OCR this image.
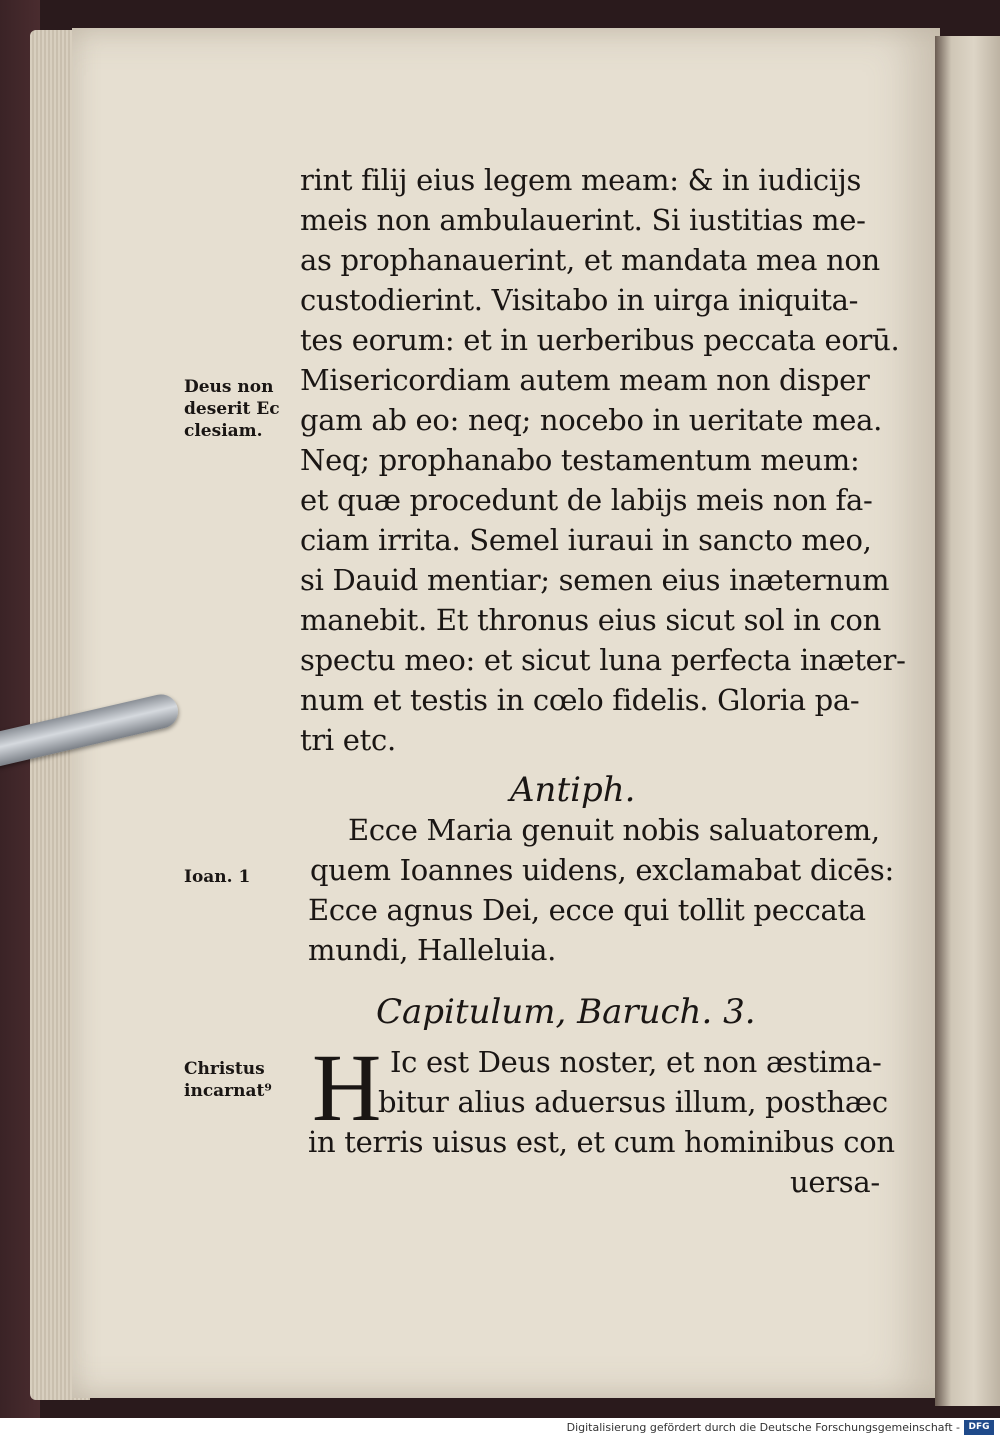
Deus non
deserit Ec
clesiam.
Ioan. 1
Christus
incarnat⁹
rint filij eius legem meam: & in iudicijs
meis non ambulauerint. Si iustitias me-
as prophanauerint, et mandata mea non
custodierint. Visitabo in uirga iniquita-
tes eorum: et in uerberibus peccata eorū.
Misericordiam autem meam non disper
gam ab eo: neq; nocebo in ueritate mea.
Neq; prophanabo testamentum meum:
et quæ procedunt de labijs meis non fa-
ciam irrita. Semel iuraui in sancto meo,
si Dauid mentiar; semen eius inæternum
manebit. Et thronus eius sicut sol in con
spectu meo: et sicut luna perfecta inæter-
num et testis in cœlo fidelis. Gloria pa-
tri etc.
Antiph.
Ecce Maria genuit nobis saluatorem,
quem Ioannes uidens, exclamabat dicēs:
Ecce agnus Dei, ecce qui tollit peccata
mundi, Halleluia.
Capitulum, Baruch. 3.
H Ic est Deus noster, et non æstima-
bitur alius aduersus illum, posthæc
in terris uisus est, et cum hominibus con
uersa-
Digitalisierung gefördert durch die Deutsche Forschungsgemeinschaft - DFG
